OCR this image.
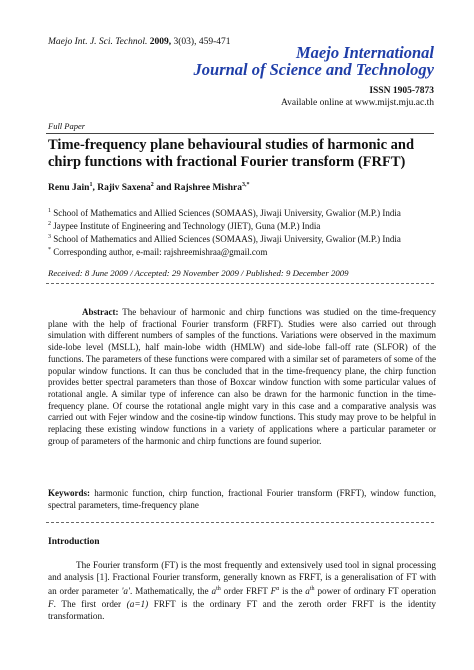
Maejo Int. J. Sci. Technol. 2009, 3(03), 459-471
Maejo International
Journal of Science and Technology
ISSN 1905-7873
Available online at www.mijst.mju.ac.th
Full Paper
Time-frequency plane behavioural studies of harmonic and chirp functions with fractional Fourier transform (FRFT)
Renu Jain$^1$, Rajiv Saxena$^2$ and Rajshree Mishra$^{3,*}$
$^1$ School of Mathematics and Allied Sciences (SOMAAS), Jiwaji University, Gwalior (M.P.) India
$^2$ Jaypee Institute of Engineering and Technology (JIET), Guna (M.P.) India
$^3$ School of Mathematics and Allied Sciences (SOMAAS), Jiwaji University, Gwalior (M.P.) India
* Corresponding author, e-mail: rajshreemishraa@gmail.com
Received: 8 June 2009 / Accepted: 29 November 2009 / Published: 9 December 2009
Abstract: The behaviour of harmonic and chirp functions was studied on the time-frequency plane with the help of fractional Fourier transform (FRFT). Studies were also carried out through simulation with different numbers of samples of the functions. Variations were observed in the maximum side-lobe level (MSLL), half main-lobe width (HMLW) and side-lobe fall-off rate (SLFOR) of the functions. The parameters of these functions were compared with a similar set of parameters of some of the popular window functions. It can thus be concluded that in the time-frequency plane, the chirp function provides better spectral parameters than those of Boxcar window function with some particular values of rotational angle. A similar type of inference can also be drawn for the harmonic function in the time-frequency plane. Of course the rotational angle might vary in this case and a comparative analysis was carried out with Fejer window and the cosine-tip window functions. This study may prove to be helpful in replacing these existing window functions in a variety of applications where a particular parameter or group of parameters of the harmonic and chirp functions are found superior.
Keywords: harmonic function, chirp function, fractional Fourier transform (FRFT), window function, spectral parameters, time-frequency plane
Introduction
The Fourier transform (FT) is the most frequently and extensively used tool in signal processing and analysis [1]. Fractional Fourier transform, generally known as FRFT, is a generalisation of FT with an order parameter 'a'. Mathematically, the $a^{th}$ order FRFT $F^a$ is the $a^{th}$ power of ordinary FT operation F. The first order (a=1) FRFT is the ordinary FT and the zeroth order FRFT is the identity transformation.
